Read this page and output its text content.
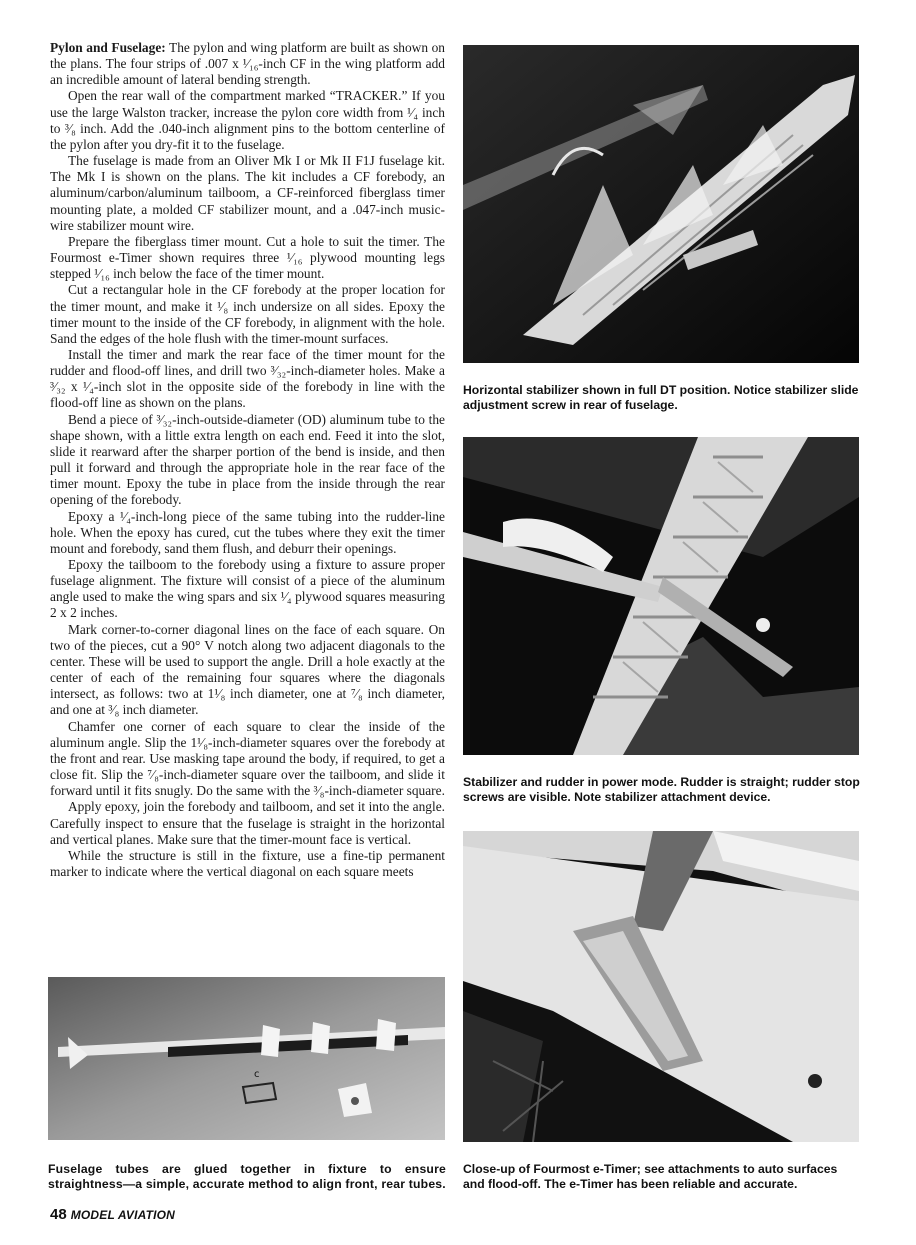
Pylon and Fuselage: The pylon and wing platform are built as shown on the plans. The four strips of .007 x ¹⁄₁₆-inch CF in the wing platform add an incredible amount of lateral bending strength.

Open the rear wall of the compartment marked “TRACKER.” If you use the large Walston tracker, increase the pylon core width from ¹⁄₄ inch to ³⁄₈ inch. Add the .040-inch alignment pins to the bottom centerline of the pylon after you dry-fit it to the fuselage.

The fuselage is made from an Oliver Mk I or Mk II F1J fuselage kit. The Mk I is shown on the plans. The kit includes a CF forebody, an aluminum/carbon/aluminum tailboom, a CF-reinforced fiberglass timer mounting plate, a molded CF stabilizer mount, and a .047-inch music-wire stabilizer mount wire.

Prepare the fiberglass timer mount. Cut a hole to suit the timer. The Fourmost e-Timer shown requires three ¹⁄₁₆ plywood mounting legs stepped ¹⁄₁₆ inch below the face of the timer mount.

Cut a rectangular hole in the CF forebody at the proper location for the timer mount, and make it ¹⁄₈ inch undersize on all sides. Epoxy the timer mount to the inside of the CF forebody, in alignment with the hole. Sand the edges of the hole flush with the timer-mount surfaces.

Install the timer and mark the rear face of the timer mount for the rudder and flood-off lines, and drill two ³⁄₃₂-inch-diameter holes. Make a ³⁄₃₂ x ¹⁄₄-inch slot in the opposite side of the forebody in line with the flood-off line as shown on the plans.

Bend a piece of ³⁄₃₂-inch-outside-diameter (OD) aluminum tube to the shape shown, with a little extra length on each end. Feed it into the slot, slide it rearward after the sharper portion of the bend is inside, and then pull it forward and through the appropriate hole in the rear face of the timer mount. Epoxy the tube in place from the inside through the rear opening of the forebody.

Epoxy a ¹⁄₄-inch-long piece of the same tubing into the rudder-line hole. When the epoxy has cured, cut the tubes where they exit the timer mount and forebody, sand them flush, and deburr their openings.

Epoxy the tailboom to the forebody using a fixture to assure proper fuselage alignment. The fixture will consist of a piece of the aluminum angle used to make the wing spars and six ¹⁄₄ plywood squares measuring 2 x 2 inches.

Mark corner-to-corner diagonal lines on the face of each square. On two of the pieces, cut a 90° V notch along two adjacent diagonals to the center. These will be used to support the angle. Drill a hole exactly at the center of each of the remaining four squares where the diagonals intersect, as follows: two at 1¹⁄₈ inch diameter, one at ⁷⁄₈ inch diameter, and one at ³⁄₈ inch diameter.

Chamfer one corner of each square to clear the inside of the aluminum angle. Slip the 1¹⁄₈-inch-diameter squares over the forebody at the front and rear. Use masking tape around the body, if required, to get a close fit. Slip the ⁷⁄₈-inch-diameter square over the tailboom, and slide it forward until it fits snugly. Do the same with the ³⁄₈-inch-diameter square.

Apply epoxy, join the forebody and tailboom, and set it into the angle. Carefully inspect to ensure that the fuselage is straight in the horizontal and vertical planes. Make sure that the timer-mount face is vertical.

While the structure is still in the fixture, use a fine-tip permanent marker to indicate where the vertical diagonal on each square meets

Horizontal stabilizer shown in full DT position. Notice stabilizer slide adjustment screw in rear of fuselage.
Stabilizer and rudder in power mode. Rudder is straight; rudder stop screws are visible. Note stabilizer attachment device.
c
Fuselage tubes are glued together in fixture to ensure straightness—a simple, accurate method to align front, rear tubes.
Close-up of Fourmost e-Timer; see attachments to auto surfaces and flood-off. The e-Timer has been reliable and accurate.
48 MODEL AVIATION
